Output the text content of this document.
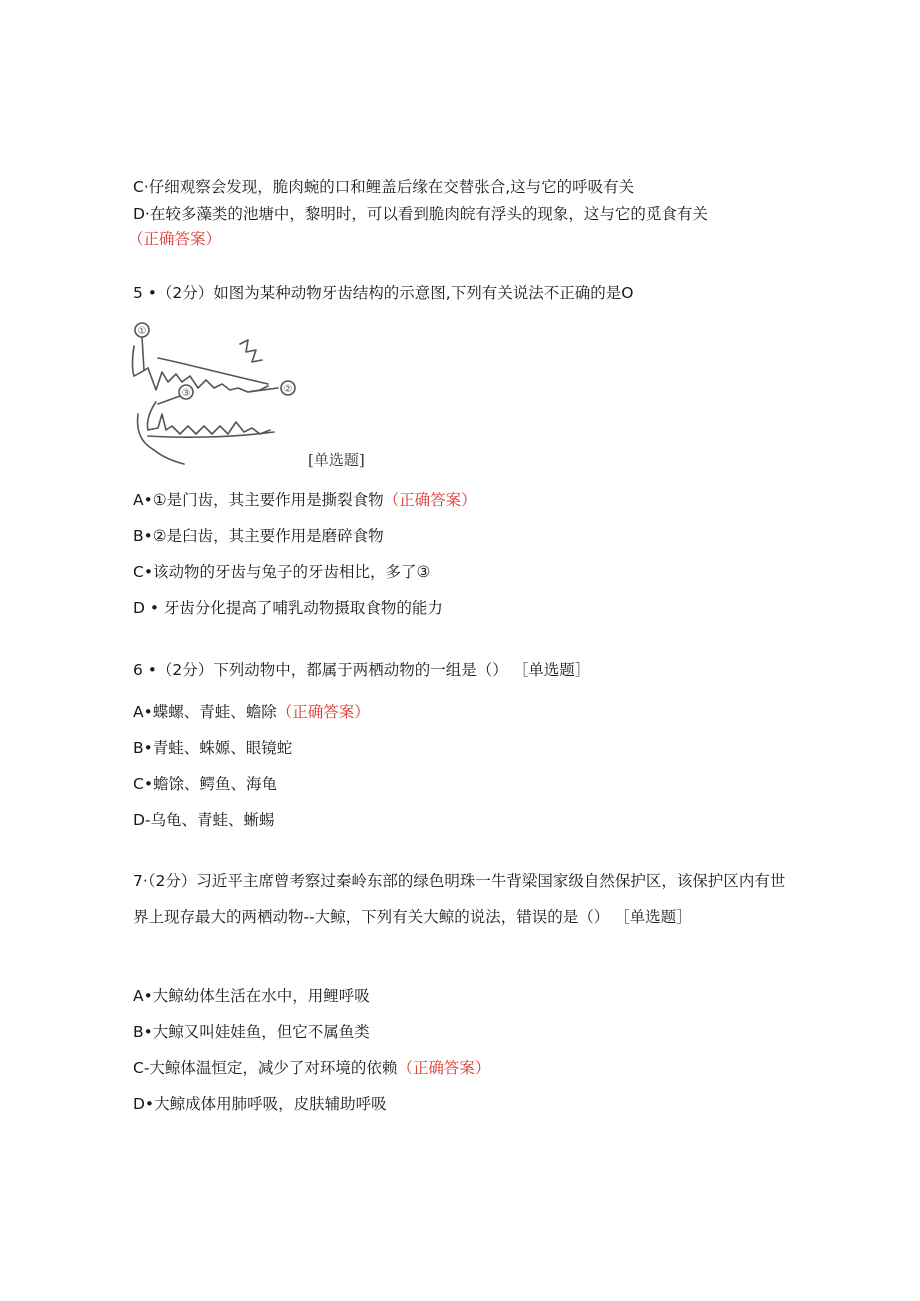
C·仔细观察会发现，脆肉蜿的口和鲤盖后缘在交替张合,这与它的呼吸有关
D·在较多藻类的池塘中，黎明时，可以看到脆肉皖有浮头的现象，这与它的觅食有关
（正确答案）
5 •（2分）如图为某种动物牙齿结构的示意图,下列有关说法不正确的是O
①
②
③
[单选题]
A•①是门齿，其主要作用是撕裂食物（正确答案）
B•②是臼齿，其主要作用是磨碎食物
C•该动物的牙齿与兔子的牙齿相比，多了③
D • 牙齿分化提高了哺乳动物摄取食物的能力
6 •（2分）下列动物中，都属于两栖动物的一组是（） ［单选题］
A•蝶螺、青蛙、蟾除（正确答案）
B•青蛙、蛛嫄、眼镜蛇
C•蟾馀、鳄鱼、海龟
D-乌龟、青蛙、蜥蜴
7·（2分）习近平主席曾考察过秦岭东部的绿色明珠一牛背梁国家级自然保护区，该保护区内有世界上现存最大的两栖动物--大鲸，下列有关大鲸的说法，错误的是（） ［单选题］
A•大鲸幼体生活在水中，用鲤呼吸
B•大鲸又叫娃娃鱼，但它不属鱼类
C-大鲸体温恒定，减少了对环境的依赖（正确答案）
D•大鲸成体用肺呼吸，皮肤辅助呼吸
